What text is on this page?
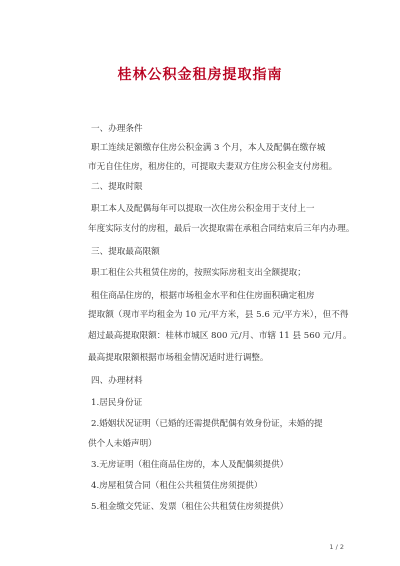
桂林公积金租房提取指南
一、办理条件
职工连续足额缴存住房公积金满 3 个月，本人及配偶在缴存城
市无自住住房，租房住的，可提取夫妻双方住房公积金支付房租。
二、提取时限
职工本人及配偶每年可以提取一次住房公积金用于支付上一
年度实际支付的房租，最后一次提取需在承租合同结束后三年内办理。
三、提取最高限额
职工租住公共租赁住房的，按照实际房租支出全额提取；
租住商品住房的，根据市场租金水平和住住房面积确定租房
提取额（现市平均租金为 10 元/平方米，县 5.6 元/平方米），但不得
超过最高提取限额：桂林市城区 800 元/月、市辖 11 县 560 元/月。
最高提取限额根据市场租金情况适时进行调整。
四、办理材料
1.居民身份证
2.婚姻状况证明（已婚的还需提供配偶有效身份证，未婚的提
供个人未婚声明）
3.无房证明（租住商品住房的，本人及配偶须提供）
4.房屋租赁合同（租住公共租赁住房须提供）
5.租金缴交凭证、发票（租住公共租赁住房须提供）
1 / 2
